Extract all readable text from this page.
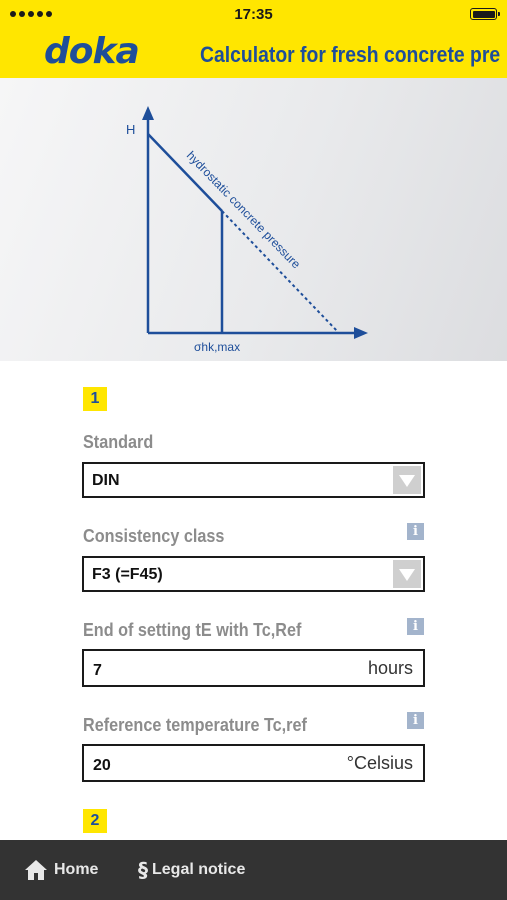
17:35
doka	Calculator for fresh concrete pre
H
hydrostatic concrete pressure
σhk,max
1
Standard
DIN
Consistency class	i
F3 (=F45)
End of setting tE with Tc,Ref	i
7	hours
Reference temperature Tc,ref	i
20	°Celsius
2
Home § Legal notice
